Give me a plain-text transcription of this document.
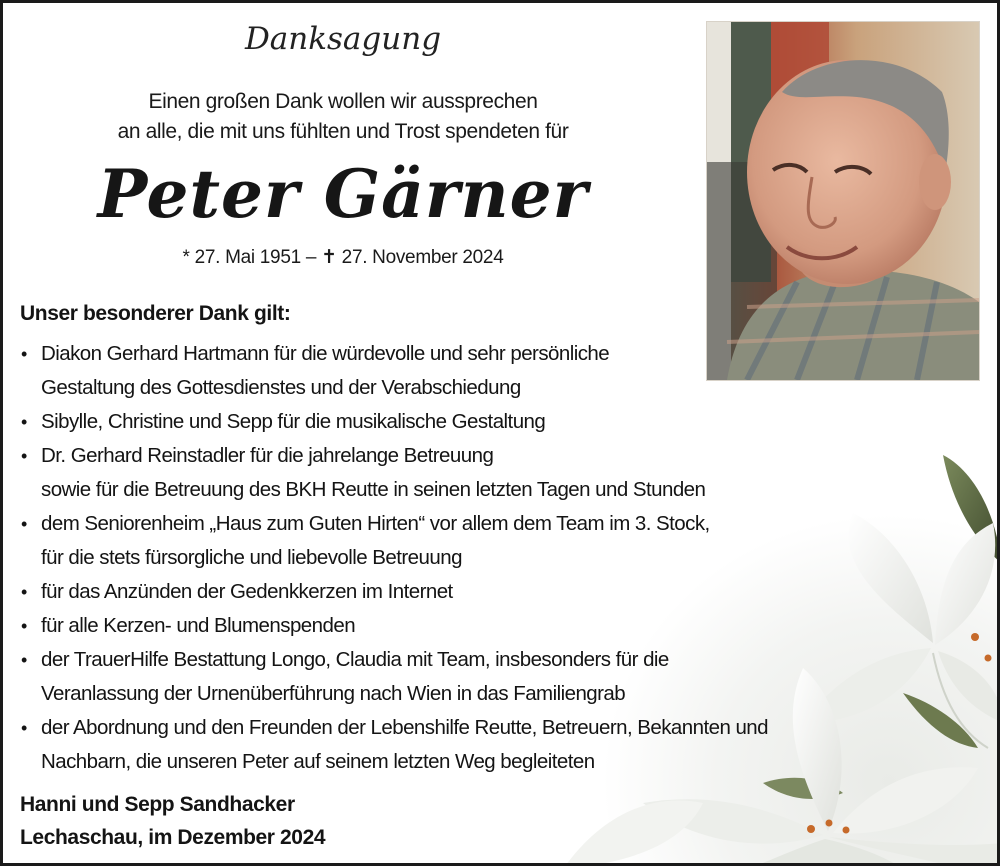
Danksagung
Einen großen Dank wollen wir aussprechen
an alle, die mit uns fühlten und Trost spendeten für
Peter Gärner
* 27. Mai 1951 – ✝ 27. November 2024
Unser besonderer Dank gilt:
• Diakon Gerhard Hartmann für die würdevolle und sehr persönliche
Gestaltung des Gottesdienstes und der Verabschiedung
• Sibylle, Christine und Sepp für die musikalische Gestaltung
• Dr. Gerhard Reinstadler für die jahrelange Betreuung
sowie für die Betreuung des BKH Reutte in seinen letzten Tagen und Stunden
• dem Seniorenheim „Haus zum Guten Hirten“ vor allem dem Team im 3. Stock,
für die stets fürsorgliche und liebevolle Betreuung
• für das Anzünden der Gedenkkerzen im Internet
• für alle Kerzen- und Blumenspenden
• der TrauerHilfe Bestattung Longo, Claudia mit Team, insbesonders für die
Veranlassung der Urnenüberführung nach Wien in das Familiengrab
• der Abordnung und den Freunden der Lebenshilfe Reutte, Betreuern, Bekannten und
Nachbarn, die unseren Peter auf seinem letzten Weg begleiteten
Hanni und Sepp Sandhacker
Lechaschau, im Dezember 2024
